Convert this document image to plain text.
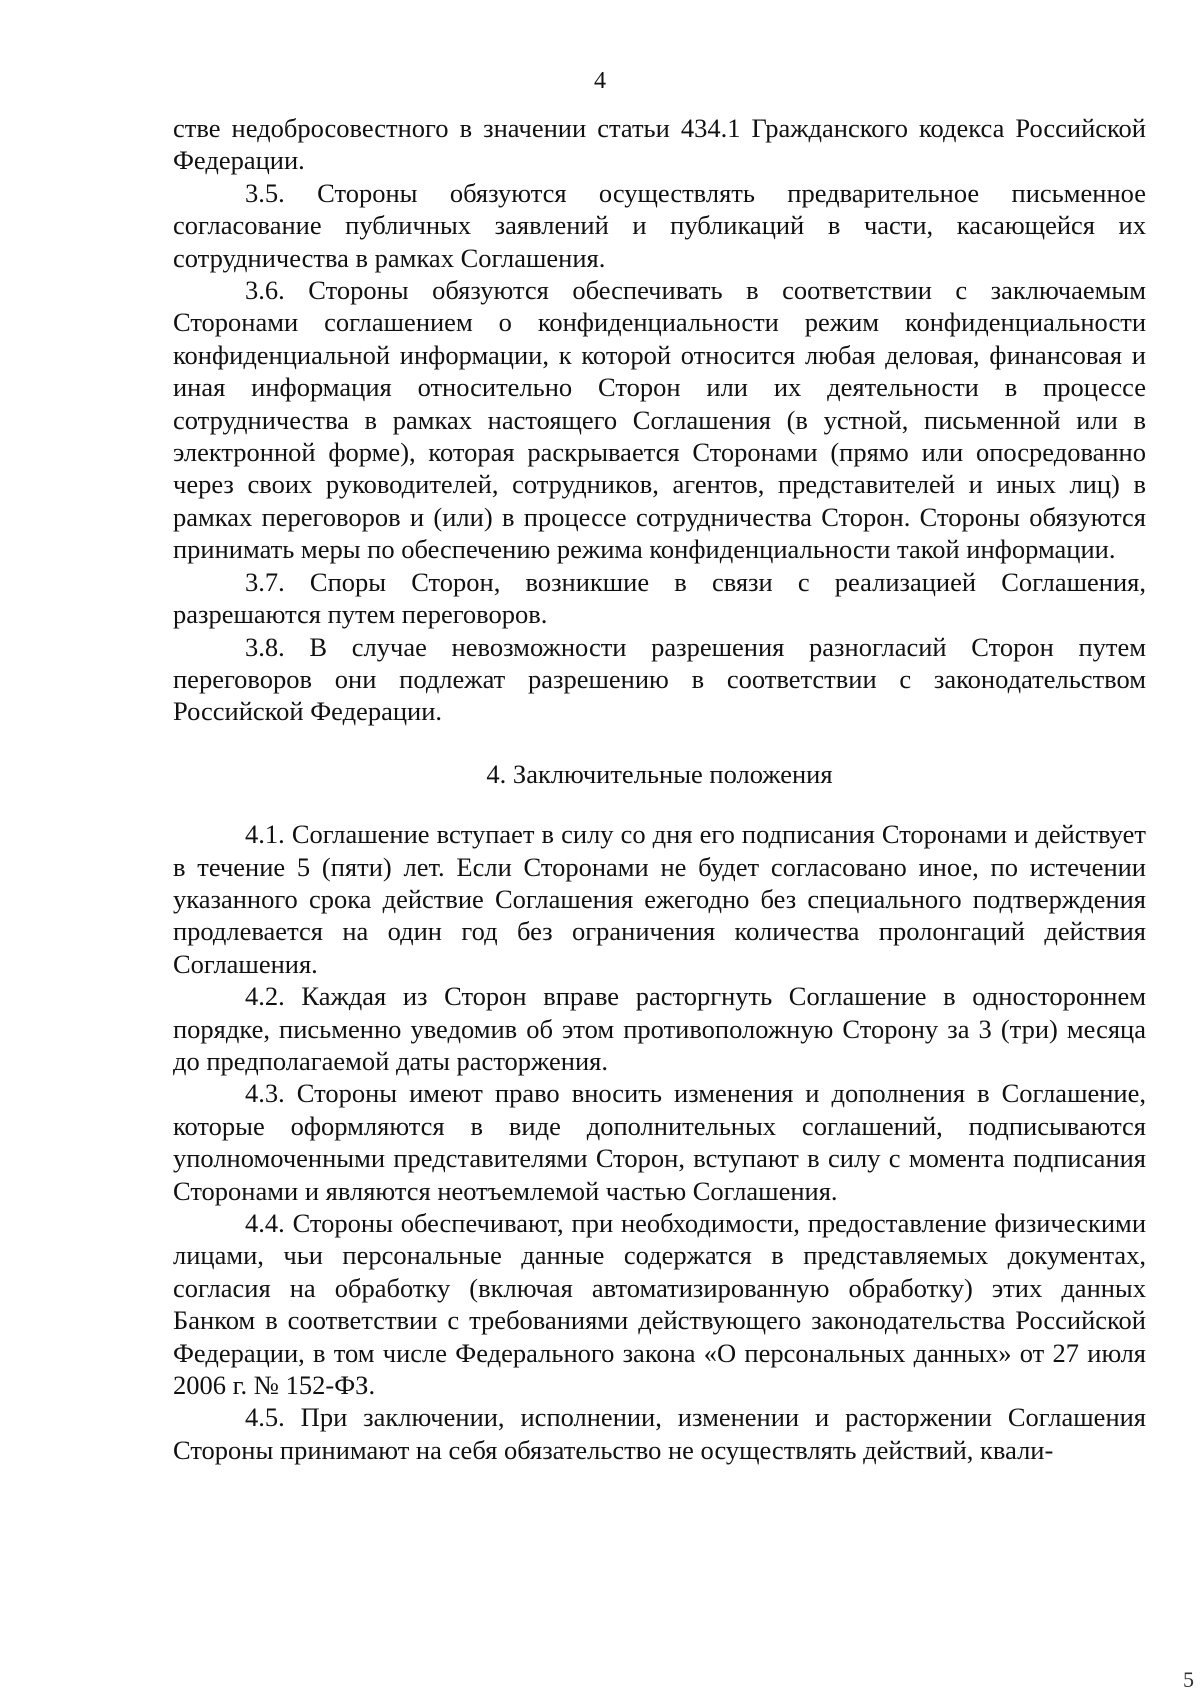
4

стве недобросовестного в значении статьи 434.1 Гражданского кодекса Российской Федерации.

3.5. Стороны обязуются осуществлять предварительное письменное согласование публичных заявлений и публикаций в части, касающейся их сотрудничества в рамках Соглашения.

3.6. Стороны обязуются обеспечивать в соответствии с заключаемым Сторонами соглашением о конфиденциальности режим конфиденциальности конфиденциальной информации, к которой относится любая деловая, финансовая и иная информация относительно Сторон или их деятельности в процессе сотрудничества в рамках настоящего Соглашения (в устной, письменной или в электронной форме), которая раскрывается Сторонами (прямо или опосредованно через своих руководителей, сотрудников, агентов, представителей и иных лиц) в рамках переговоров и (или) в процессе сотрудничества Сторон. Стороны обязуются принимать меры по обеспечению режима конфиденциальности такой информации.

3.7. Споры Сторон, возникшие в связи с реализацией Соглашения, разрешаются путем переговоров.

3.8. В случае невозможности разрешения разногласий Сторон путем переговоров они подлежат разрешению в соответствии с законодательством Российской Федерации.

4. Заключительные положения

4.1. Соглашение вступает в силу со дня его подписания Сторонами и действует в течение 5 (пяти) лет. Если Сторонами не будет согласовано иное, по истечении указанного срока действие Соглашения ежегодно без специального подтверждения продлевается на один год без ограничения количества пролонгаций действия Соглашения.

4.2. Каждая из Сторон вправе расторгнуть Соглашение в одностороннем порядке, письменно уведомив об этом противоположную Сторону за 3 (три) месяца до предполагаемой даты расторжения.

4.3. Стороны имеют право вносить изменения и дополнения в Соглашение, которые оформляются в виде дополнительных соглашений, подписываются уполномоченными представителями Сторон, вступают в силу с момента подписания Сторонами и являются неотъемлемой частью Соглашения.

4.4. Стороны обеспечивают, при необходимости, предоставление физическими лицами, чьи персональные данные содержатся в представляемых документах, согласия на обработку (включая автоматизированную обработку) этих данных Банком в соответствии с требованиями действующего законодательства Российской Федерации, в том числе Федерального закона «О персональных данных» от 27 июля 2006 г. № 152-ФЗ.

4.5. При заключении, исполнении, изменении и расторжении Соглашения Стороны принимают на себя обязательство не осуществлять действий, квали-

5
